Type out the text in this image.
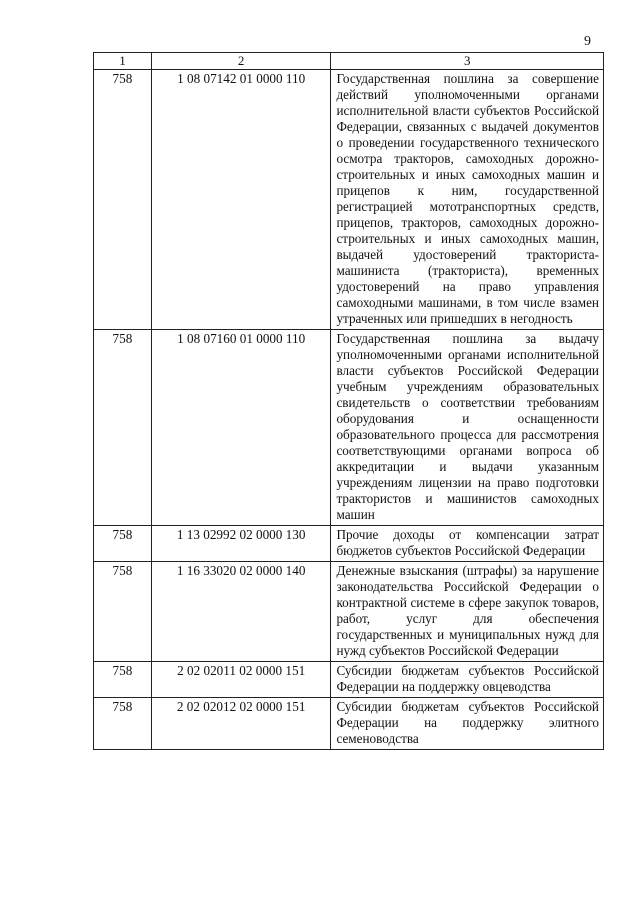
9
1	2	3
758	1 08 07142 01 0000 110	Государственная пошлина за совершение действий уполномоченными органами исполнительной власти субъектов Российской Федерации, связанных с выдачей документов о проведении государственного технического осмотра тракторов, самоходных дорожно-строительных и иных самоходных машин и прицепов к ним, государственной регистрацией мототранспортных средств, прицепов, тракторов, самоходных дорожно-строительных и иных самоходных машин, выдачей удостоверений тракториста-машиниста (тракториста), временных удостоверений на право управления самоходными машинами, в том числе взамен утраченных или пришедших в негодность
758	1 08 07160 01 0000 110	Государственная пошлина за выдачу уполномоченными органами исполнительной власти субъектов Российской Федерации учебным учреждениям образовательных свидетельств о соответствии требованиям оборудования и оснащенности образовательного процесса для рассмотрения соответствующими органами вопроса об аккредитации и выдачи указанным учреждениям лицензии на право подготовки трактористов и машинистов самоходных машин
758	1 13 02992 02 0000 130	Прочие доходы от компенсации затрат бюджетов субъектов Российской Федерации
758	1 16 33020 02 0000 140	Денежные взыскания (штрафы) за нарушение законодательства Российской Федерации о контрактной системе в сфере закупок товаров, работ, услуг для обеспечения государственных и муниципальных нужд для нужд субъектов Российской Федерации
758	2 02 02011 02 0000 151	Субсидии бюджетам субъектов Российской Федерации на поддержку овцеводства
758	2 02 02012 02 0000 151	Субсидии бюджетам субъектов Российской Федерации на поддержку элитного семеноводства
